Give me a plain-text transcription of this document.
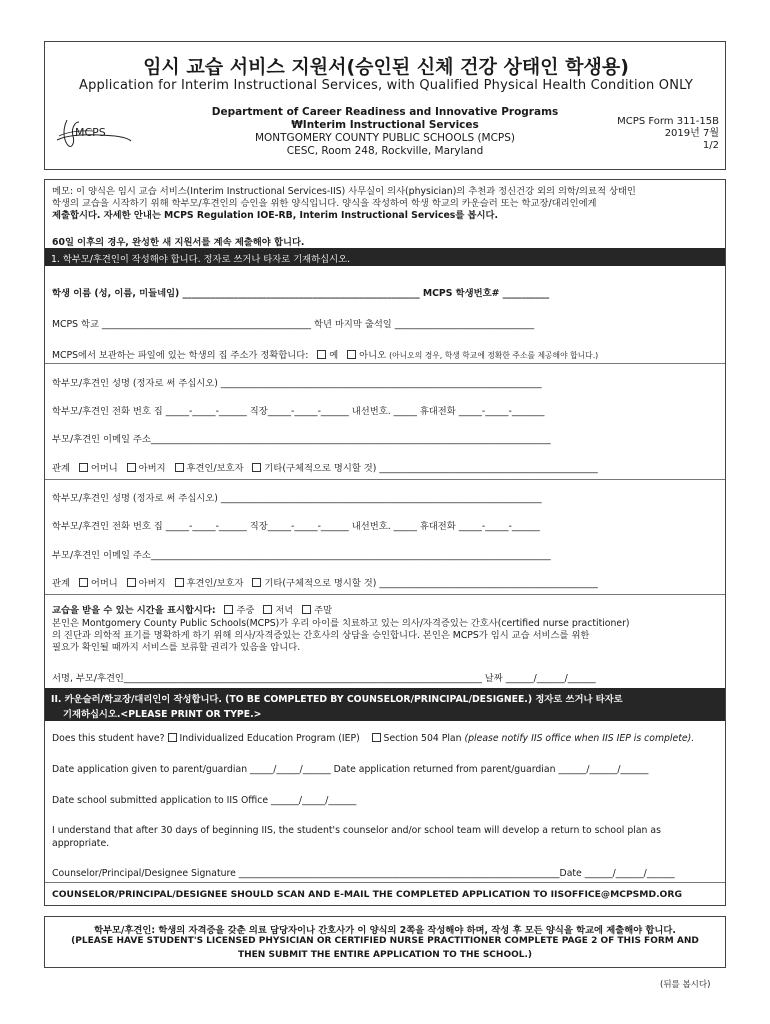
임시 교습 서비스 지원서(승인된 신체 건강 상태인 학생용)
Application for Interim Instructional Services, with Qualified Physical Health Condition ONLY
MCPS
Department of Career Readiness and Innovative Programs
₩Interim Instructional Services
MONTGOMERY COUNTY PUBLIC SCHOOLS (MCPS)
CESC, Room 248, Rockville, Maryland
MCPS Form 311-15B
2019년 7월
1/2
메모: 이 양식은 임시 교습 서비스(Interim Instructional Services-IIS) 사무실이 의사(physician)의 추천과 정신건강 외의 의학/의료적 상태인
학생의 교습을 시작하기 위해 학부모/후견인의 승인을 위한 양식입니다. 양식을 작성하여 학생 학교의 카운슬러 또는 학교장/대리인에게
제출합시다. 자세한 안내는 MCPS Regulation IOE-RB, Interim Instructional Services를 봅시다.
60일 이후의 경우, 완성한 새 지원서를 계속 제출해야 합니다.
1. 학부모/후견인이 작성해야 합니다. 정자로 쓰거나 타자로 기재하십시오.
학생 이름 (성, 이름, 미들네임) ___________________________________________________ MCPS 학생번호# __________
MCPS 학교 _____________________________________________ 학년 마지막 출석일 ______________________________
MCPS에서 보관하는 파일에 있는 학생의 집 주소가 정확합니다: 예 아니오 (아니오의 경우, 학생 학교에 정확한 주소를 제공해야 합니다.)
학부모/후견인 성명 (정자로 써 주십시오) _____________________________________________________________________
학부모/후견인 전화 번호 집 _____-_____-______ 직장_____-_____-______ 내선번호. _____ 휴대전화 _____-_____-_______
부모/후견인 이메일 주소______________________________________________________________________________________
관계 어머니 아버지 후견인/보호자 기타(구체적으로 명시할 것) _______________________________________________
학부모/후견인 성명 (정자로 써 주십시오) _____________________________________________________________________
학부모/후견인 전화 번호 집 _____-_____-______ 직장_____-_____-______ 내선번호. _____ 휴대전화 _____-_____-______
부모/후견인 이메일 주소______________________________________________________________________________________
관계 어머니 아버지 후견인/보호자 기타(구체적으로 명시할 것) _______________________________________________
교습을 받을 수 있는 시간을 표시합시다: 주중 저녁 주말
본인은 Montgomery County Public Schools(MCPS)가 우리 아이를 치료하고 있는 의사/자격증있는 간호사(certified nurse practitioner)
의 진단과 의학적 표기를 명확하게 하기 위해 의사/자격증있는 간호사의 상담을 승인합니다. 본인은 MCPS가 임시 교습 서비스를 위한
필요가 확인될 때까지 서비스를 보류할 권리가 있음을 압니다.
서명, 부모/후견인_____________________________________________________________________________ 날짜 ______/______/______
II. 카운슬러/학교장/대리인이 작성합니다. (TO BE COMPLETED BY COUNSELOR/PRINCIPAL/DESIGNEE.) 정자로 쓰거나 타자로
기재하십시오.<PLEASE PRINT OR TYPE.>
Does this student have? Individualized Education Program (IEP)	Section 504 Plan (please notify IIS office when IIS IEP is complete).
Date application given to parent/guardian _____/_____/______ Date application returned from parent/guardian ______/______/______
Date school submitted application to IIS Office ______/_____/______
I understand that after 30 days of beginning IIS, the student's counselor and/or school team will develop a return to school plan as
appropriate.
Counselor/Principal/Designee Signature _____________________________________________________________________Date ______/______/______
COUNSELOR/PRINCIPAL/DESIGNEE SHOULD SCAN AND E-MAIL THE COMPLETED APPLICATION TO IISOFFICE@MCPSMD.ORG
학부모/후견인: 학생의 자격증을 갖춘 의료 담당자이나 간호사가 이 양식의 2쪽을 작성해야 하며, 작성 후 모든 양식을 학교에 제출해야 합니다.
(PLEASE HAVE STUDENT'S LICENSED PHYSICIAN OR CERTIFIED NURSE PRACTITIONER COMPLETE PAGE 2 OF THIS FORM AND
THEN SUBMIT THE ENTIRE APPLICATION TO THE SCHOOL.)
(뒤를 봅시다)
